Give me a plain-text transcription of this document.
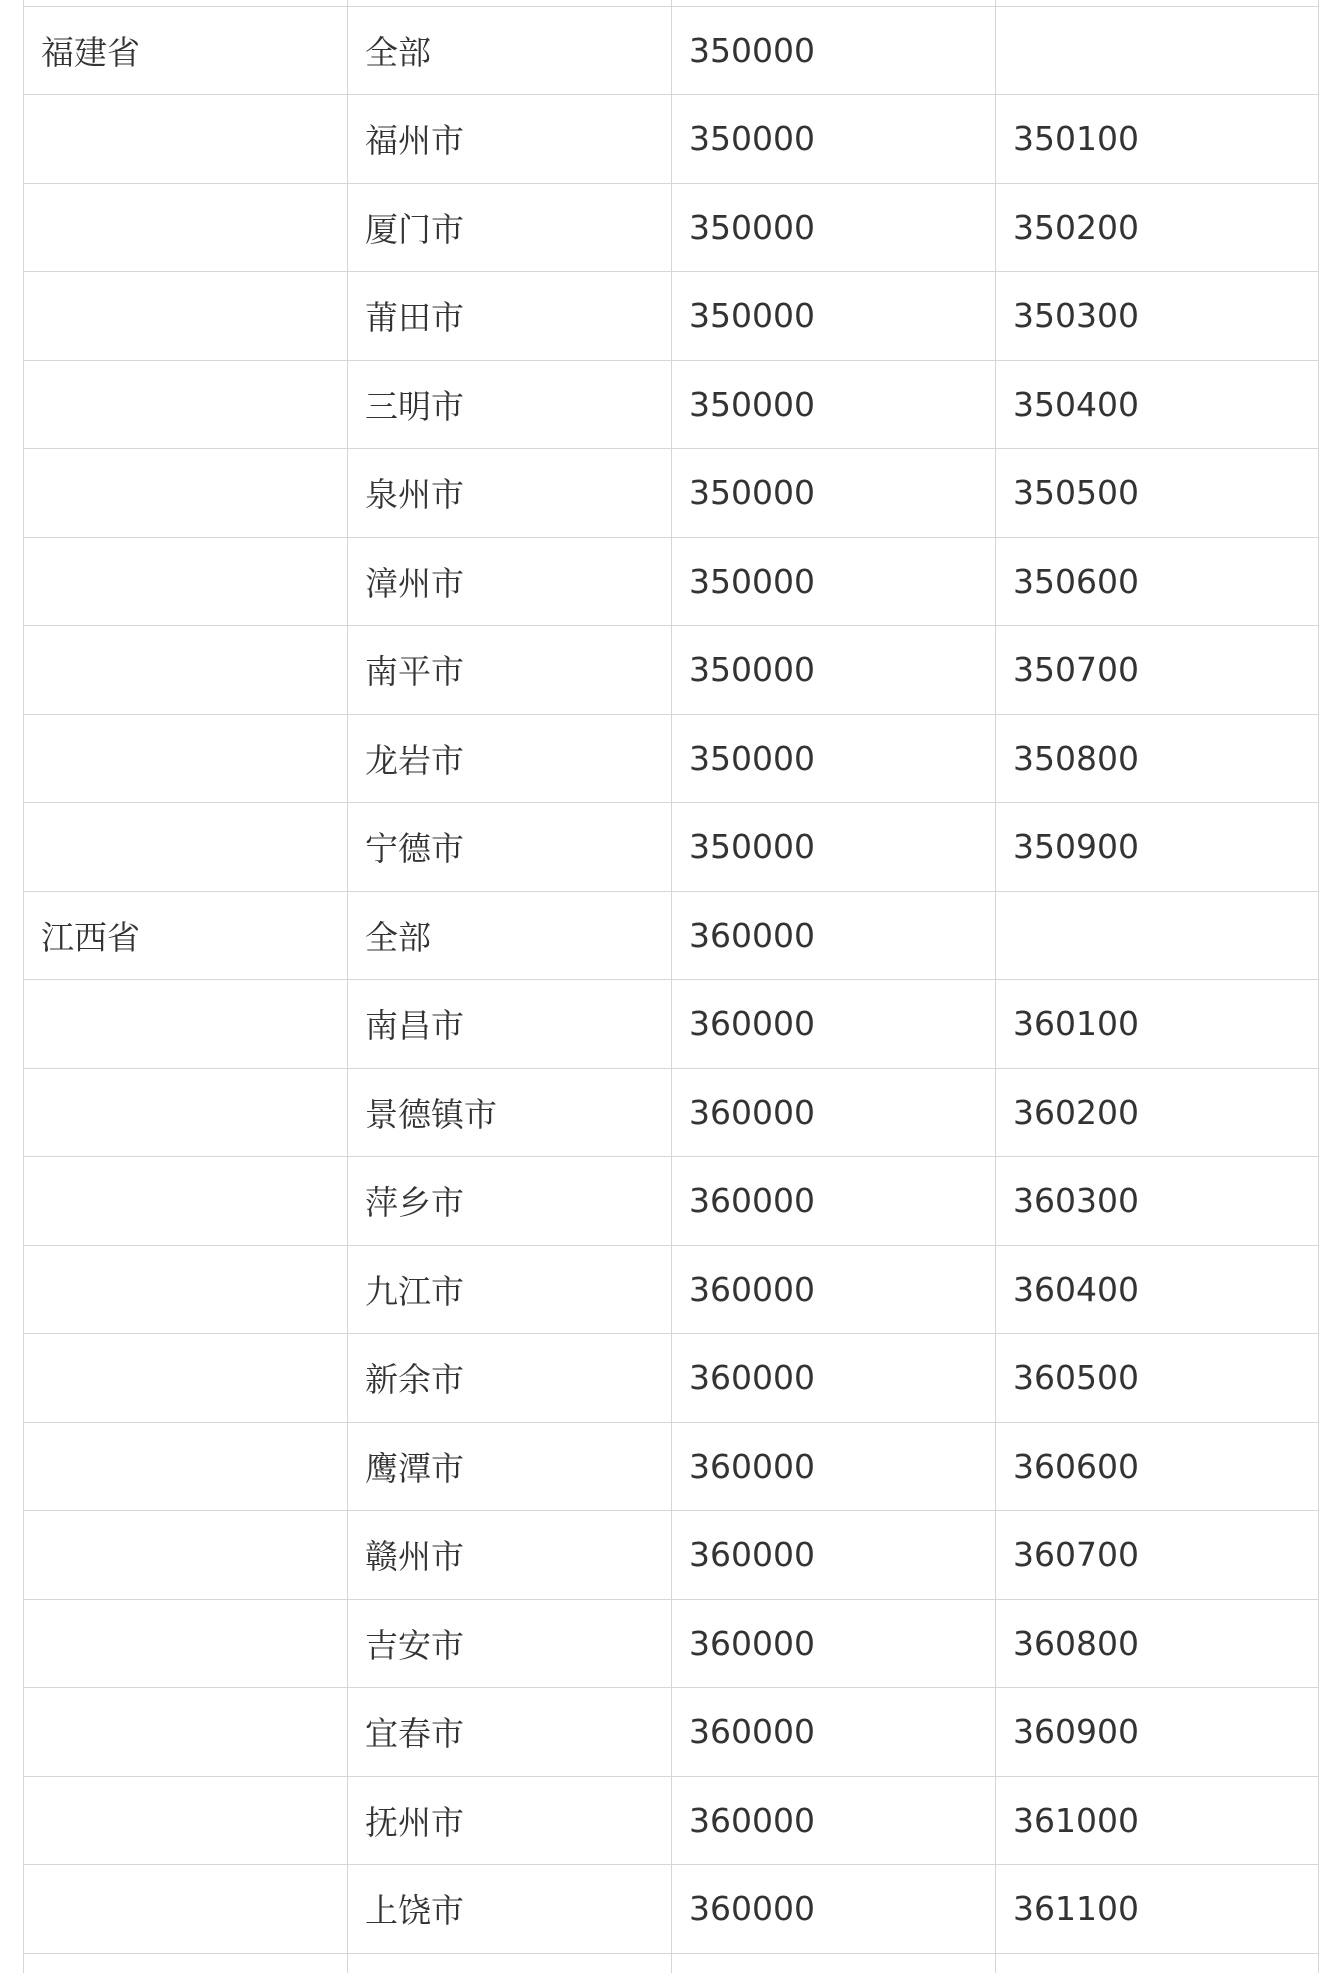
福建省	全部	350000	
	福州市	350000	350100
	厦门市	350000	350200
	莆田市	350000	350300
	三明市	350000	350400
	泉州市	350000	350500
	漳州市	350000	350600
	南平市	350000	350700
	龙岩市	350000	350800
	宁德市	350000	350900
江西省	全部	360000	
	南昌市	360000	360100
	景德镇市	360000	360200
	萍乡市	360000	360300
	九江市	360000	360400
	新余市	360000	360500
	鹰潭市	360000	360600
	赣州市	360000	360700
	吉安市	360000	360800
	宜春市	360000	360900
	抚州市	360000	361000
	上饶市	360000	361100
